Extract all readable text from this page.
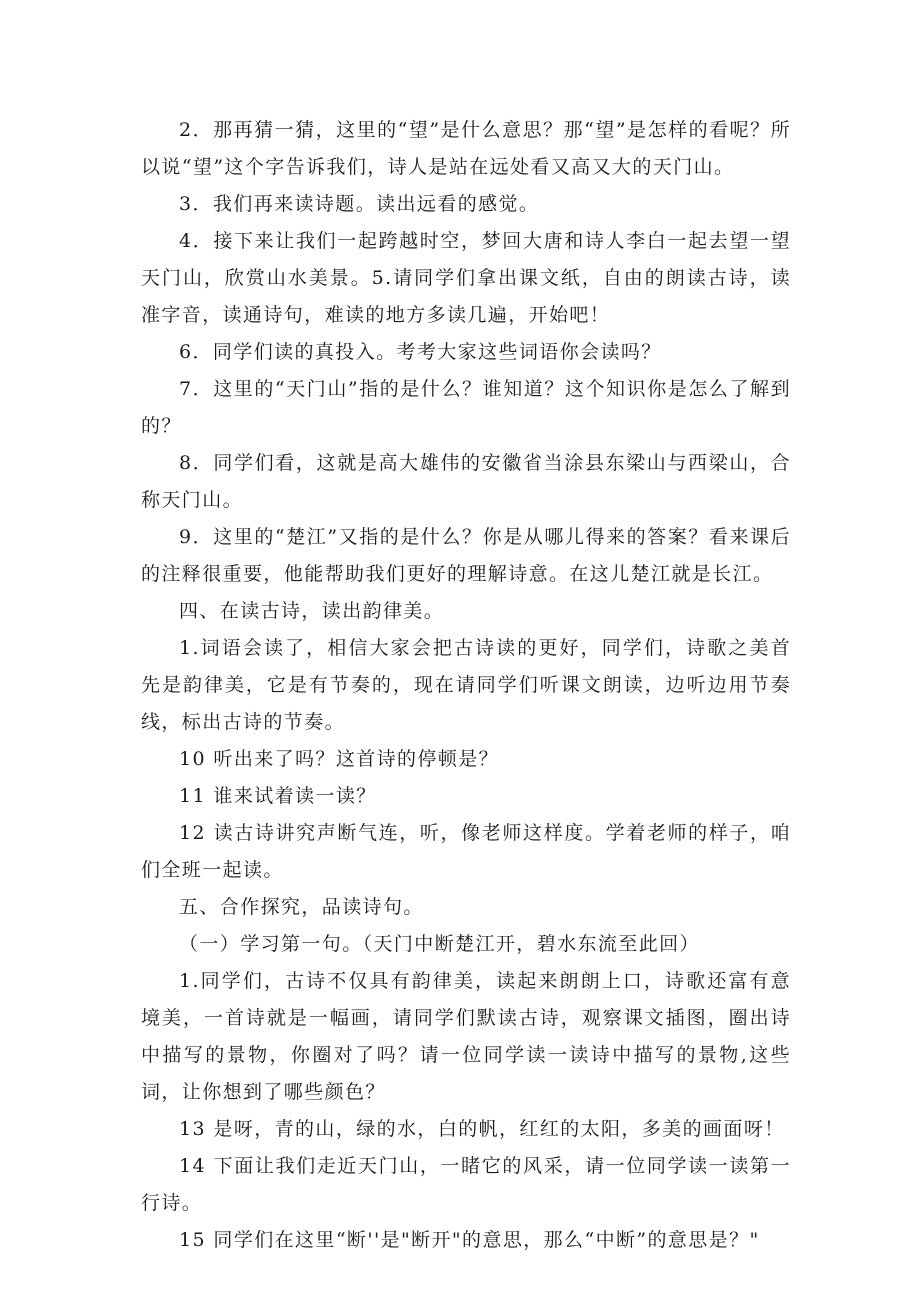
2．那再猜一猜，这里的“望”是什么意思？那“望”是怎样的看呢？所以说“望”这个字告诉我们，诗人是站在远处看又高又大的天门山。

3．我们再来读诗题。读出远看的感觉。

4．接下来让我们一起跨越时空，梦回大唐和诗人李白一起去望一望天门山，欣赏山水美景。5.请同学们拿出课文纸，自由的朗读古诗，读准字音，读通诗句，难读的地方多读几遍，开始吧！

6．同学们读的真投入。考考大家这些词语你会读吗？

7．这里的“天门山”指的是什么？谁知道？这个知识你是怎么了解到的？

8．同学们看，这就是高大雄伟的安徽省当涂县东梁山与西梁山，合称天门山。

9．这里的“楚江”又指的是什么？你是从哪儿得来的答案？看来课后的注释很重要，他能帮助我们更好的理解诗意。在这儿楚江就是长江。

四、在读古诗，读出韵律美。

1.词语会读了，相信大家会把古诗读的更好，同学们，诗歌之美首先是韵律美，它是有节奏的，现在请同学们听课文朗读，边听边用节奏线，标出古诗的节奏。

10 听出来了吗？这首诗的停顿是？

11 谁来试着读一读？

12 读古诗讲究声断气连，听，像老师这样度。学着老师的样子，咱们全班一起读。

五、合作探究，品读诗句。

（一）学习第一句。（天门中断楚江开，碧水东流至此回）

1.同学们，古诗不仅具有韵律美，读起来朗朗上口，诗歌还富有意境美，一首诗就是一幅画，请同学们默读古诗，观察课文插图，圈出诗中描写的景物，你圈对了吗？请一位同学读一读诗中描写的景物,这些词，让你想到了哪些颜色？

13 是呀，青的山，绿的水，白的帆，红红的太阳，多美的画面呀！

14 下面让我们走近天门山，一睹它的风采，请一位同学读一读第一行诗。

15 同学们在这里“断''是"断开"的意思，那么“中断”的意思是？"
